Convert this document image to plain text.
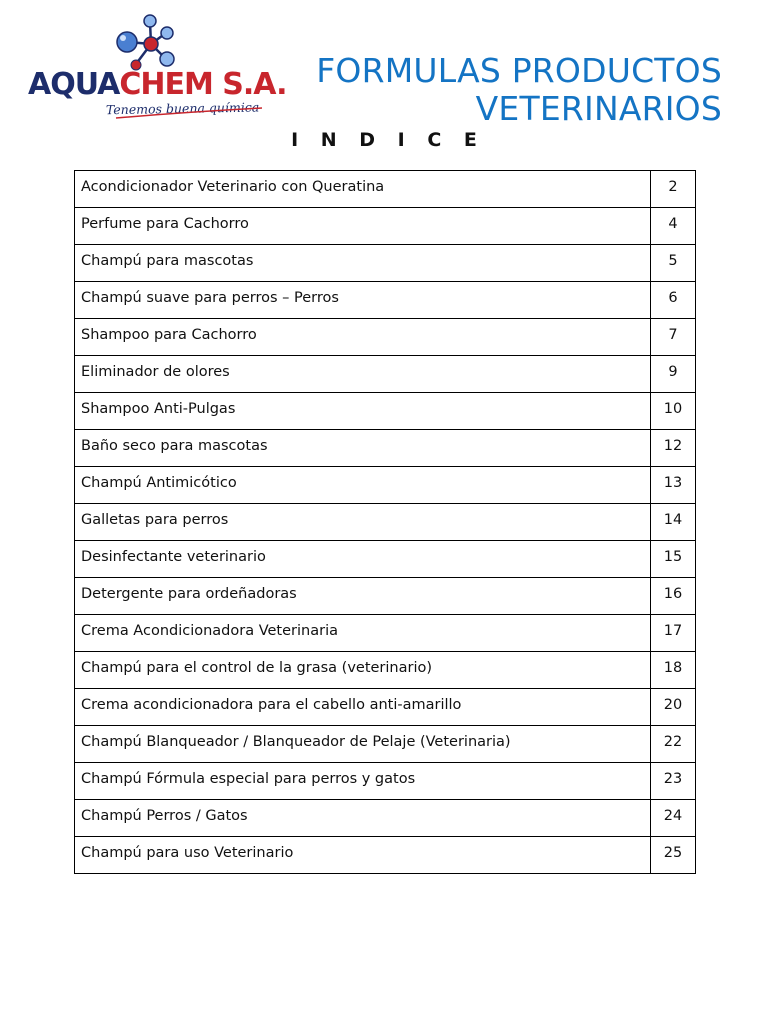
AQUACHEM S.A.
Tenemos buena química
FORMULAS PRODUCTOS
VETERINARIOS
I N D I C E
Acondicionador Veterinario con Queratina	2
Perfume para Cachorro	4
Champú para mascotas	5
Champú suave para perros – Perros	6
Shampoo para Cachorro	7
Eliminador de olores	9
Shampoo Anti-Pulgas	10
Baño seco para mascotas	12
Champú Antimicótico	13
Galletas para perros	14
Desinfectante veterinario	15
Detergente para ordeñadoras	16
Crema Acondicionadora Veterinaria	17
Champú para el control de la grasa (veterinario)	18
Crema acondicionadora para el cabello anti-amarillo	20
Champú Blanqueador / Blanqueador de Pelaje (Veterinaria)	22
Champú Fórmula especial para perros y gatos	23
Champú Perros / Gatos	24
Champú para uso Veterinario	25
